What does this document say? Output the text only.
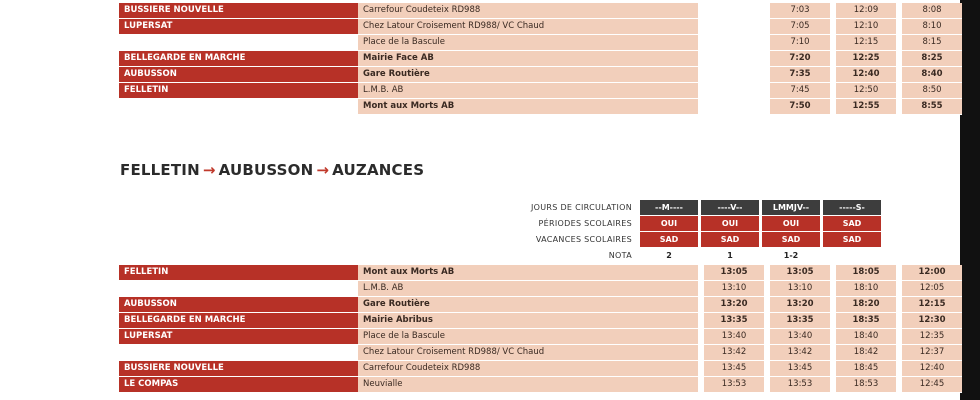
BUSSIERE NOUVELLE	Carrefour Coudeteix RD988			7:03		12:09		8:08
LUPERSAT	Chez Latour Croisement RD988/ VC Chaud			7:05		12:10		8:10
	Place de la Bascule			7:10		12:15		8:15
BELLEGARDE EN MARCHE	Mairie Face AB			7:20		12:25		8:25
AUBUSSON	Gare Routière			7:35		12:40		8:40
FELLETIN	L.M.B. AB			7:45		12:50		8:50
	Mont aux Morts AB			7:50		12:55		8:55
FELLETIN → AUBUSSON → AUZANCES
JOURS DE CIRCULATION	--M----		----V--		LMMJV--		-----S-
PÉRIODES SCOLAIRES	OUI		OUI		OUI		SAD
VACANCES SCOLAIRES	SAD		SAD		SAD		SAD
NOTA	2		1		1-2		
FELLETIN	Mont aux Morts AB		13:05		13:05		18:05		12:00
	L.M.B. AB		13:10		13:10		18:10		12:05
AUBUSSON	Gare Routière		13:20		13:20		18:20		12:15
BELLEGARDE EN MARCHE	Mairie Abribus		13:35		13:35		18:35		12:30
LUPERSAT	Place de la Bascule		13:40		13:40		18:40		12:35
	Chez Latour Croisement RD988/ VC Chaud		13:42		13:42		18:42		12:37
BUSSIERE NOUVELLE	Carrefour Coudeteix RD988		13:45		13:45		18:45		12:40
LE COMPAS	Neuvialle		13:53		13:53		18:53		12:45
